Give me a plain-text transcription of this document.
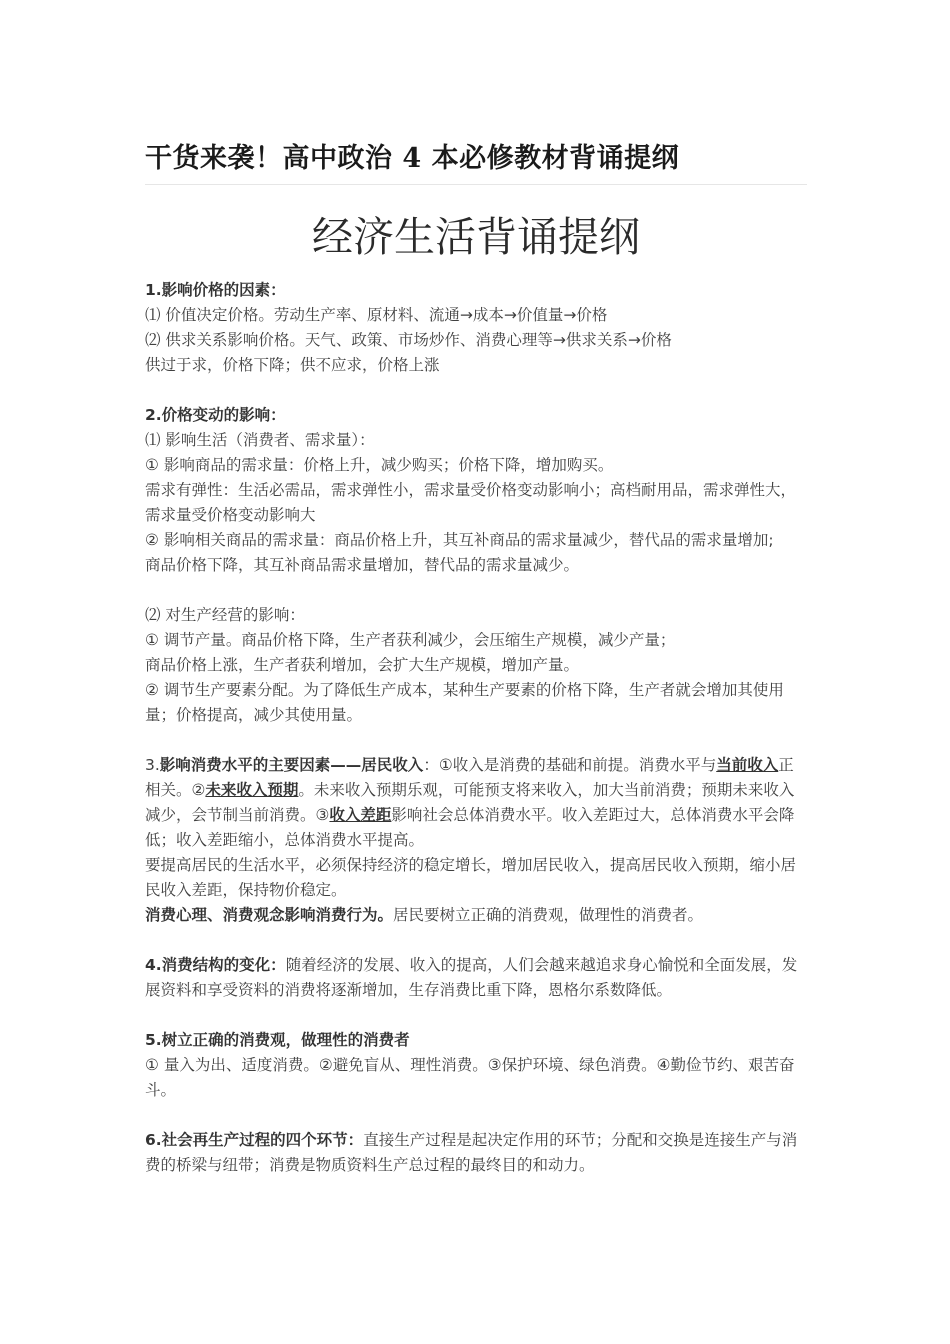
干货来袭！高中政治 4 本必修教材背诵提纲
经济生活背诵提纲

1.影响价格的因素：

⑴ 价值决定价格。劳动生产率、原材料、流通→成本→价值量→价格

⑵ 供求关系影响价格。天气、政策、市场炒作、消费心理等→供求关系→价格

供过于求，价格下降；供不应求，价格上涨

2.价格变动的影响：

⑴ 影响生活（消费者、需求量）：

① 影响商品的需求量：价格上升，减少购买；价格下降，增加购买。

需求有弹性：生活必需品，需求弹性小，需求量受价格变动影响小；高档耐用品，需求弹性大，需求量受价格变动影响大

② 影响相关商品的需求量：商品价格上升，其互补商品的需求量减少，替代品的需求量增加;

商品价格下降，其互补商品需求量增加，替代品的需求量减少。

⑵ 对生产经营的影响：

① 调节产量。商品价格下降，生产者获利减少，会压缩生产规模，减少产量；

商品价格上涨，生产者获利增加，会扩大生产规模，增加产量。

② 调节生产要素分配。为了降低生产成本，某种生产要素的价格下降，生产者就会增加其使用量；价格提高，减少其使用量。

3.影响消费水平的主要因素——居民收入：①收入是消费的基础和前提。消费水平与当前收入正相关。②未来收入预期。未来收入预期乐观，可能预支将来收入，加大当前消费；预期未来收入减少，会节制当前消费。③收入差距影响社会总体消费水平。收入差距过大，总体消费水平会降低；收入差距缩小，总体消费水平提高。

要提高居民的生活水平，必须保持经济的稳定增长，增加居民收入，提高居民收入预期，缩小居民收入差距，保持物价稳定。

消费心理、消费观念影响消费行为。居民要树立正确的消费观，做理性的消费者。

4.消费结构的变化：随着经济的发展、收入的提高，人们会越来越追求身心愉悦和全面发展，发展资料和享受资料的消费将逐渐增加，生存消费比重下降，恩格尔系数降低。

5.树立正确的消费观，做理性的消费者

① 量入为出、适度消费。②避免盲从、理性消费。③保护环境、绿色消费。④勤俭节约、艰苦奋斗。

6.社会再生产过程的四个环节：直接生产过程是起决定作用的环节；分配和交换是连接生产与消费的桥梁与纽带；消费是物质资料生产总过程的最终目的和动力。
